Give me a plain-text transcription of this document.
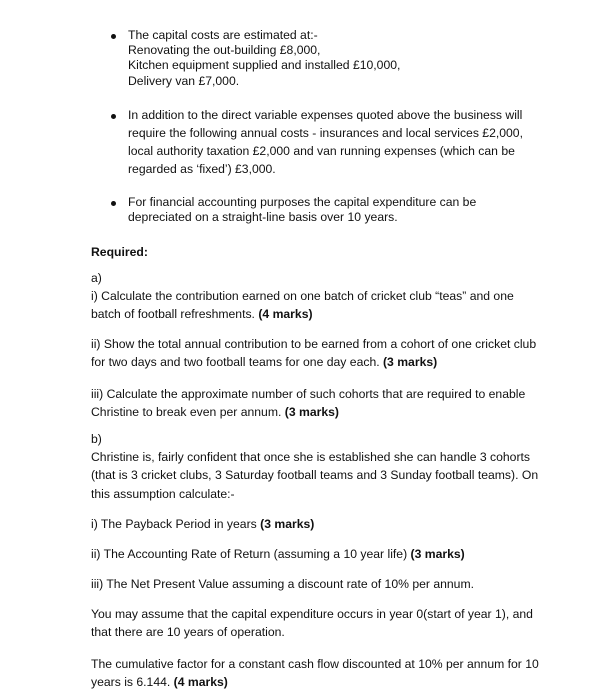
The capital costs are estimated at:-
Renovating the out-building £8,000,
Kitchen equipment supplied and installed £10,000,
Delivery van £7,000.
In addition to the direct variable expenses quoted above the business will
require the following annual costs - insurances and local services £2,000,
local authority taxation £2,000 and van running expenses (which can be
regarded as ‘fixed’) £3,000.
For financial accounting purposes the capital expenditure can be
depreciated on a straight-line basis over 10 years.
Required:
a)
i) Calculate the contribution earned on one batch of cricket club “teas” and one
batch of football refreshments. (4 marks)
ii) Show the total annual contribution to be earned from a cohort of one cricket club
for two days and two football teams for one day each. (3 marks)
iii) Calculate the approximate number of such cohorts that are required to enable
Christine to break even per annum. (3 marks)
b)
Christine is, fairly confident that once she is established she can handle 3 cohorts
(that is 3 cricket clubs, 3 Saturday football teams and 3 Sunday football teams). On
this assumption calculate:-
i) The Payback Period in years (3 marks)
ii) The Accounting Rate of Return (assuming a 10 year life) (3 marks)
iii) The Net Present Value assuming a discount rate of 10% per annum.
You may assume that the capital expenditure occurs in year 0(start of year 1), and
that there are 10 years of operation.
The cumulative factor for a constant cash flow discounted at 10% per annum for 10
years is 6.144. (4 marks)
